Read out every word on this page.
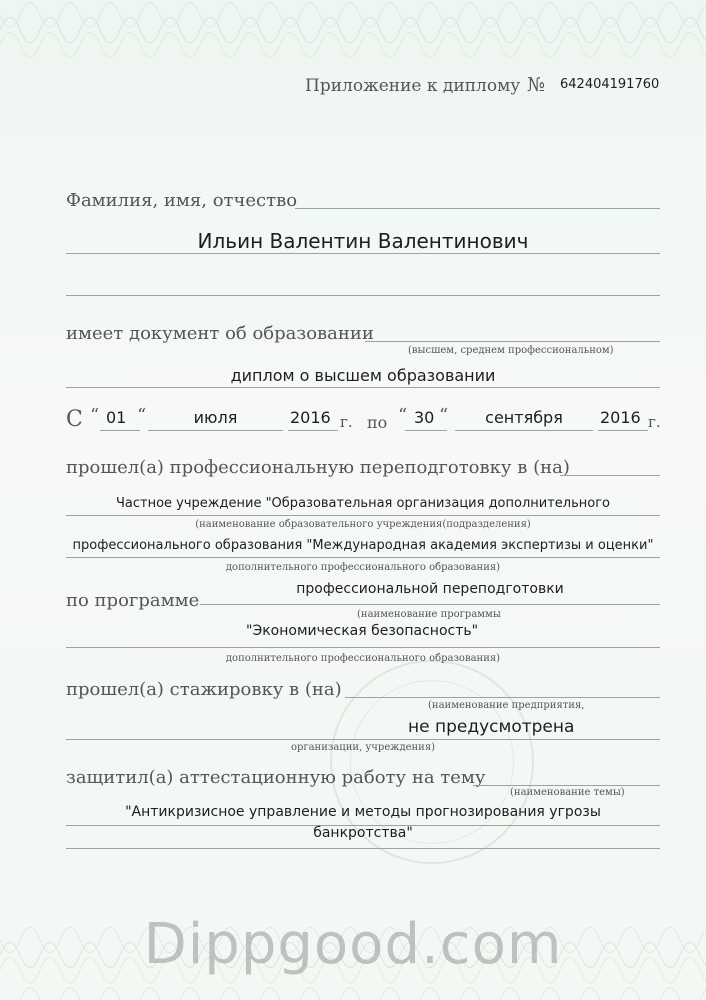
Приложение к диплому № 642404191760
Фамилия, имя, отчество
Ильин Валентин Валентинович
имеет документ об образовании
(высшем, среднем профессиональном)
диплом о высшем образовании
С “ 01 “	июля	2016 г. по “ 30 “	сентября	2016 г.
прошел(а) профессиональную переподготовку в (на)
Частное учреждение "Образовательная организация дополнительного
(наименование образовательного учреждения(подразделения)
профессионального образования "Международная академия экспертизы и оценки"
дополнительного профессионального образования)
по программе
профессиональной переподготовки
(наименование программы
"Экономическая безопасность"
дополнительного профессионального образования)
прошел(а) стажировку в (на)
(наименование предприятия,
не предусмотрена
организации, учреждения)
защитил(а) аттестационную работу на тему
(наименование темы)
"Антикризисное управление и методы прогнозирования угрозы
банкротства"
Dippgood.com
